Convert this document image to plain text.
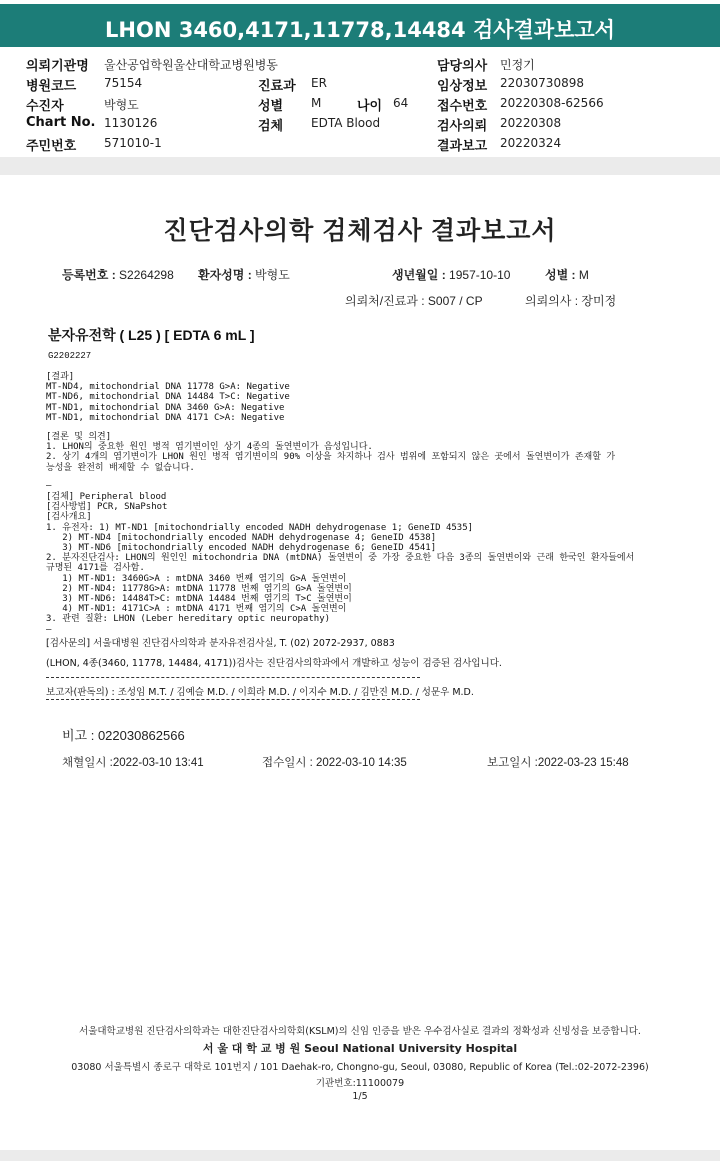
LHON 3460,4171,11778,14484 검사결과보고서
의뢰기관명 울산공업학원울산대학교병원병동	담당의사 민정기
병원코드 75154	진료과 ER	임상정보 22030730898
수진자	박형도	성별 M	나이 64 접수번호 20220308-62566
Chart No. 1130126	검체 EDTA Blood	검사의뢰 20220308
주민번호 571010-1	결과보고 20220324
진단검사의학 검체검사 결과보고서
등록번호 : S2264298 환자성명 : 박형도	생년월일 : 1957-10-10	성별 : M
의뢰처/진료과 : S007 / CP	의뢰의사 : 장미정
분자유전학 ( L25 ) [ EDTA 6 mL ]
G2202227
[결과]
MT-ND4, mitochondrial DNA 11778 G>A: Negative
MT-ND6, mitochondrial DNA 14484 T>C: Negative
MT-ND1, mitochondrial DNA 3460 G>A: Negative
MT-ND1, mitochondrial DNA 4171 C>A: Negative
[결론 및 의견]
1. LHON의 중요한 원인 병적 염기변이인 상기 4종의 돌연변이가 음성입니다.
2. 상기 4개의 염기변이가 LHON 원인 병적 염기변이의 90% 이상을 차지하나 검사 범위에 포함되지 않은 곳에서 돌연변이가 존재할 가
능성을 완전히 배제할 수 없습니다.
—
[검체] Peripheral blood
[검사방법] PCR, SNaPshot
[검사개요]
1. 유전자: 1) MT-ND1 [mitochondrially encoded NADH dehydrogenase 1; GeneID 4535]
2) MT-ND4 [mitochondrially encoded NADH dehydrogenase 4; GeneID 4538]
3) MT-ND6 [mitochondrially encoded NADH dehydrogenase 6; GeneID 4541]
2. 분자진단검사: LHON의 원인인 mitochondria DNA (mtDNA) 돌연변이 중 가장 중요한 다음 3종의 돌연변이와 근래 한국인 환자들에서
규명된 4171를 검사함.
1) MT-ND1: 3460G>A : mtDNA 3460 번째 염기의 G>A 돌연변이
2) MT-ND4: 11778G>A: mtDNA 11778 번째 염기의 G>A 돌연변이
3) MT-ND6: 14484T>C: mtDNA 14484 번째 염기의 T>C 돌연변이
4) MT-ND1: 4171C>A : mtDNA 4171 번째 염기의 C>A 돌연변이
3. 관련 질환: LHON (Leber hereditary optic neuropathy)
—
[검사문의] 서울대병원 진단검사의학과 분자유전검사실, T. (02) 2072-2937, 0883
(LHON, 4종(3460, 11778, 14484, 4171))검사는 진단검사의학과에서 개발하고 성능이 검증된 검사입니다.
보고자(판독의) : 조성임 M.T. / 김예슬 M.D. / 이희라 M.D. / 이지수 M.D. / 김만진 M.D. / 성문우 M.D.
비고 : 022030862566
채혈일시 :2022-03-10 13:41	접수일시 : 2022-03-10 14:35	보고일시 :2022-03-23 15:48
서울대학교병원 진단검사의학과는 대한진단검사의학회(KSLM)의 신임 인증을 받은 우수검사실로 결과의 정확성과 신빙성을 보증합니다.
서 울 대 학 교 병 원 Seoul National University Hospital
03080 서울특별시 종로구 대학로 101번지 / 101 Daehak-ro, Chongno-gu, Seoul, 03080, Republic of Korea (Tel.:02-2072-2396)
기관번호:11100079
1/5
